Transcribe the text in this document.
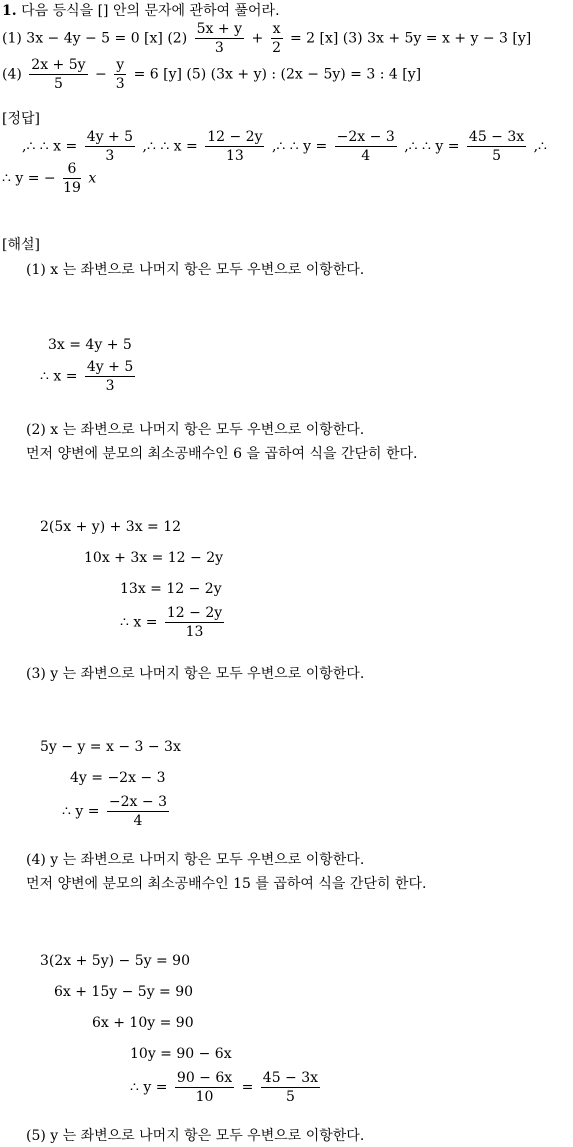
1. 다음 등식을 [] 안의 문자에 관하여 풀어라.
(1) 3x − 4y − 5 = 0 [x] $(2) \frac{5x + y}{3} + \frac{x}{2} = 2$ [x] (3) 3x + 5y = x + y − 3 [y]
$(4) \frac{2x + 5y}{5} - \frac{y}{3} = 6$ [y] (5) (3x + y) : (2x − 5y) = 3 : 4 [y]
[정답]
,∴ ∴ $x = \frac{4y + 5}{3}$ ,∴ ∴ $x = \frac{12 - 2y}{13}$ ,∴ ∴ $y = \frac{-2x - 3}{4}$ ,∴ ∴ $y = \frac{45 - 3x}{5}$ ,∴
∴ y = − $\frac{6}{19}$ x
[해설]
(1) x 는 좌변으로 나머지 항은 모두 우변으로 이항한다.
3x = 4y + 5
∴ $x = \frac{4y + 5}{3}$
(2) x 는 좌변으로 나머지 항은 모두 우변으로 이항한다.
먼저 양변에 분모의 최소공배수인 6 을 곱하여 식을 간단히 한다.
2(5x + y) + 3x = 12
10x + 3x = 12 − 2y
13x = 12 − 2y
∴ $x = \frac{12 - 2y}{13}$
(3) y 는 좌변으로 나머지 항은 모두 우변으로 이항한다.
5y − y = x − 3 − 3x
4y = −2x − 3
∴ $y = \frac{-2x - 3}{4}$
(4) y 는 좌변으로 나머지 항은 모두 우변으로 이항한다.
먼저 양변에 분모의 최소공배수인 15 를 곱하여 식을 간단히 한다.
3(2x + 5y) − 5y = 90
6x + 15y − 5y = 90
6x + 10y = 90
10y = 90 − 6x
∴ $y = \frac{90 - 6x}{10} = \frac{45 - 3x}{5}$
(5) y 는 좌변으로 나머지 항은 모두 우변으로 이항한다.
